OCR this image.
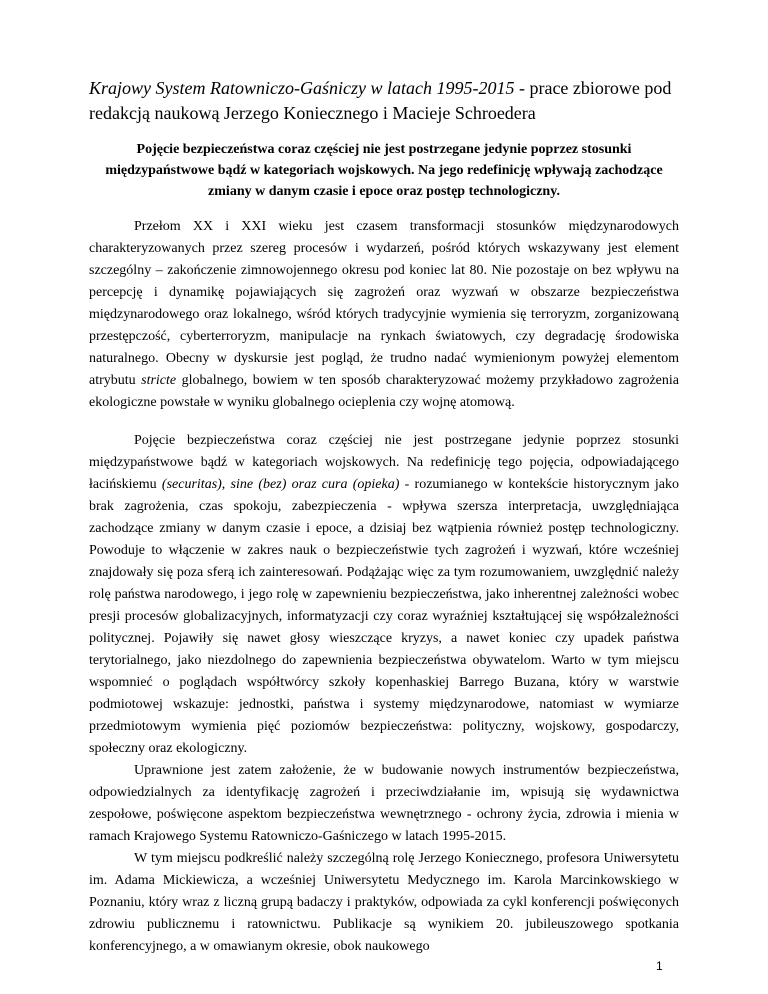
Krajowy System Ratowniczo-Gaśniczy w latach 1995-2015 - prace zbiorowe pod redakcją naukową Jerzego Koniecznego i Macieje Schroedera

Pojęcie bezpieczeństwa coraz częściej nie jest postrzegane jedynie poprzez stosunki międzypaństwowe bądź w kategoriach wojskowych. Na jego redefinicję wpływają zachodzące zmiany w danym czasie i epoce oraz postęp technologiczny.

Przełom XX i XXI wieku jest czasem transformacji stosunków międzynarodowych charakteryzowanych przez szereg procesów i wydarzeń, pośród których wskazywany jest element szczególny – zakończenie zimnowojennego okresu pod koniec lat 80. Nie pozostaje on bez wpływu na percepcję i dynamikę pojawiających się zagrożeń oraz wyzwań w obszarze bezpieczeństwa międzynarodowego oraz lokalnego, wśród których tradycyjnie wymienia się terroryzm, zorganizowaną przestępczość, cyberterroryzm, manipulacje na rynkach światowych, czy degradację środowiska naturalnego. Obecny w dyskursie jest pogląd, że trudno nadać wymienionym powyżej elementom atrybutu stricte globalnego, bowiem w ten sposób charakteryzować możemy przykładowo zagrożenia ekologiczne powstałe w wyniku globalnego ocieplenia czy wojnę atomową.

Pojęcie bezpieczeństwa coraz częściej nie jest postrzegane jedynie poprzez stosunki międzypaństwowe bądź w kategoriach wojskowych. Na redefinicję tego pojęcia, odpowiadającego łacińskiemu (securitas), sine (bez) oraz cura (opieka) - rozumianego w kontekście historycznym jako brak zagrożenia, czas spokoju, zabezpieczenia - wpływa szersza interpretacja, uwzględniająca zachodzące zmiany w danym czasie i epoce, a dzisiaj bez wątpienia również postęp technologiczny. Powoduje to włączenie w zakres nauk o bezpieczeństwie tych zagrożeń i wyzwań, które wcześniej znajdowały się poza sferą ich zainteresowań. Podążając więc za tym rozumowaniem, uwzględnić należy rolę państwa narodowego, i jego rolę w zapewnieniu bezpieczeństwa, jako inherentnej zależności wobec presji procesów globalizacyjnych, informatyzacji czy coraz wyraźniej kształtującej się współzależności politycznej. Pojawiły się nawet głosy wieszczące kryzys, a nawet koniec czy upadek państwa terytorialnego, jako niezdolnego do zapewnienia bezpieczeństwa obywatelom. Warto w tym miejscu wspomnieć o poglądach współtwórcy szkoły kopenhaskiej Barrego Buzana, który w warstwie podmiotowej wskazuje: jednostki, państwa i systemy międzynarodowe, natomiast w wymiarze przedmiotowym wymienia pięć poziomów bezpieczeństwa: polityczny, wojskowy, gospodarczy, społeczny oraz ekologiczny.

Uprawnione jest zatem założenie, że w budowanie nowych instrumentów bezpieczeństwa, odpowiedzialnych za identyfikację zagrożeń i przeciwdziałanie im, wpisują się wydawnictwa zespołowe, poświęcone aspektom bezpieczeństwa wewnętrznego - ochrony życia, zdrowia i mienia w ramach Krajowego Systemu Ratowniczo-Gaśniczego w latach 1995-2015.

W tym miejscu podkreślić należy szczególną rolę Jerzego Koniecznego, profesora Uniwersytetu im. Adama Mickiewicza, a wcześniej Uniwersytetu Medycznego im. Karola Marcinkowskiego w Poznaniu, który wraz z liczną grupą badaczy i praktyków, odpowiada za cykl konferencji poświęconych zdrowiu publicznemu i ratownictwu. Publikacje są wynikiem 20. jubileuszowego spotkania konferencyjnego, a w omawianym okresie, obok naukowego

1
